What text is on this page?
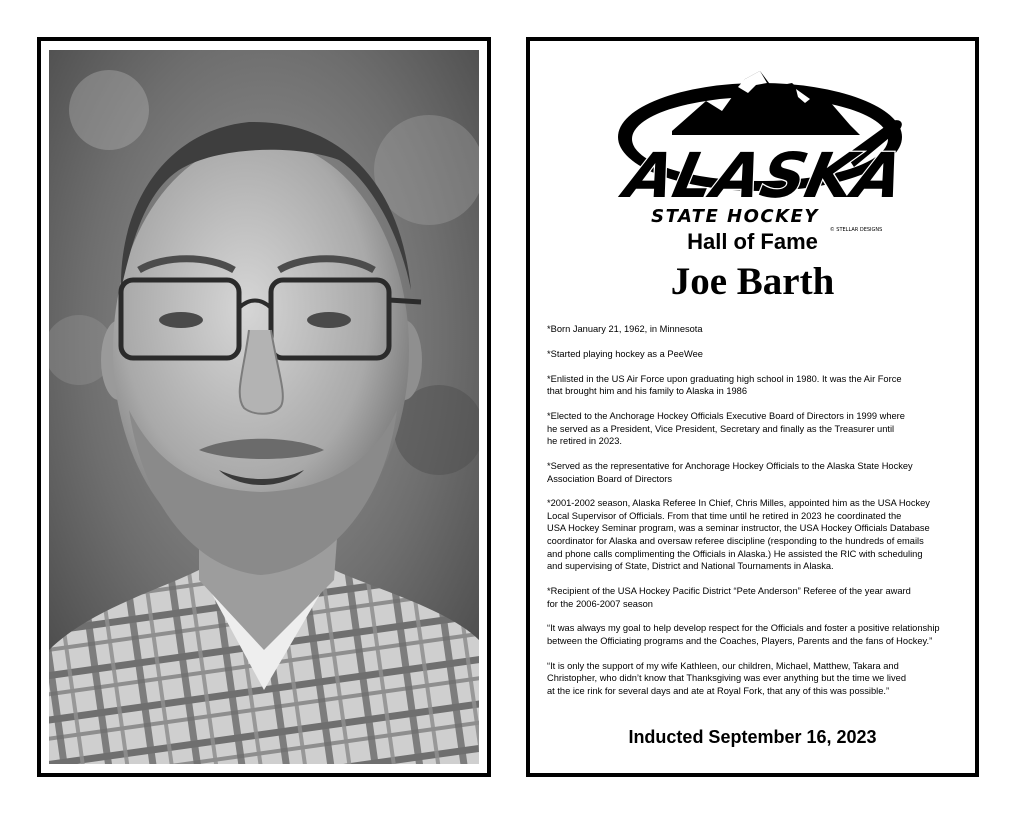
ALASKA
STATE HOCKEY
© STELLAR DESIGNS
Hall of Fame
Joe Barth

*Born January 21, 1962, in Minnesota

*Started playing hockey as a PeeWee

*Enlisted in the US Air Force upon graduating high school in 1980. It was the Air Force
that brought him and his family to Alaska in 1986

*Elected to the Anchorage Hockey Officials Executive Board of Directors in 1999 where
he served as a President, Vice President, Secretary and finally as the Treasurer until
he retired in 2023.

*Served as the representative for Anchorage Hockey Officials to the Alaska State Hockey
Association Board of Directors

*2001-2002 season, Alaska Referee In Chief, Chris Milles, appointed him as the USA Hockey
Local Supervisor of Officials. From that time until he retired in 2023 he coordinated the
USA Hockey Seminar program, was a seminar instructor, the USA Hockey Officials Database
coordinator for Alaska and oversaw referee discipline (responding to the hundreds of emails
and phone calls complimenting the Officials in Alaska.) He assisted the RIC with scheduling
and supervising of State, District and National Tournaments in Alaska.

*Recipient of the USA Hockey Pacific District “Pete Anderson” Referee of the year award
for the 2006-2007 season

“It was always my goal to help develop respect for the Officials and foster a positive relationship
between the Officiating programs and the Coaches, Players, Parents and the fans of Hockey.”

“It is only the support of my wife Kathleen, our children, Michael, Matthew, Takara and
Christopher, who didn’t know that Thanksgiving was ever anything but the time we lived
at the ice rink for several days and ate at Royal Fork, that any of this was possible.”

Inducted September 16, 2023
